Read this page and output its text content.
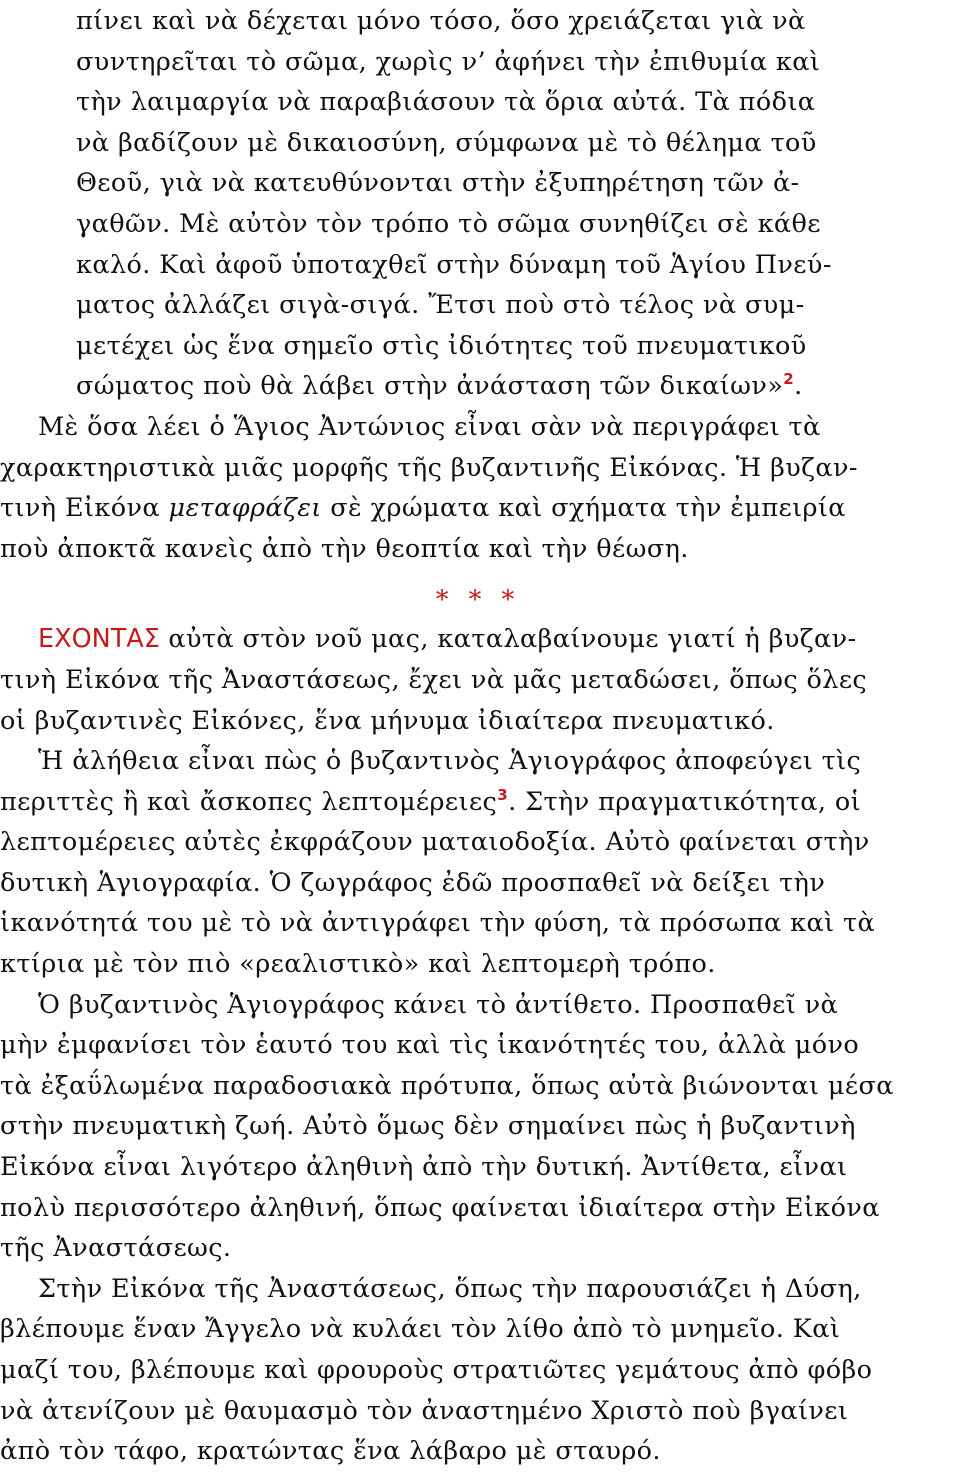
πίνει καὶ νὰ δέχεται μόνο τόσο, ὅσο χρειάζεται γιὰ νὰ
συντηρεῖται τὸ σῶμα, χωρὶς ν’ ἀφήνει τὴν ἐπιθυμία καὶ
τὴν λαιμαργία νὰ παραβιάσουν τὰ ὅρια αὐτά. Τὰ πόδια
νὰ βαδίζουν μὲ δικαιοσύνη, σύμφωνα μὲ τὸ θέλημα τοῦ
Θεοῦ, γιὰ νὰ κατευθύνονται στὴν ἐξυπηρέτηση τῶν ἀ-
γαθῶν. Μὲ αὐτὸν τὸν τρόπο τὸ σῶμα συνηθίζει σὲ κάθε
καλό. Καὶ ἀφοῦ ὑποταχθεῖ στὴν δύναμη τοῦ Ἁγίου Πνεύ-
ματος ἀλλάζει σιγὰ-σιγά. Ἔτσι ποὺ στὸ τέλος νὰ συμ-
μετέχει ὡς ἕνα σημεῖο στὶς ἰδιότητες τοῦ πνευματικοῦ
σώματος ποὺ θὰ λάβει στὴν ἀνάσταση τῶν δικαίων»$^2$.
Μὲ ὅσα λέει ὁ Ἅγιος Ἀντώνιος εἶναι σὰν νὰ περιγράφει τὰ
χαρακτηριστικὰ μιᾶς μορφῆς τῆς βυζαντινῆς Εἰκόνας. Ἡ βυζαν-
τινὴ Εἰκόνα μεταφράζει σὲ χρώματα καὶ σχήματα τὴν ἐμπειρία
ποὺ ἀποκτᾶ κανεὶς ἀπὸ τὴν θεοπτία καὶ τὴν θέωση.
* * *
ΕΧΟΝΤΑΣ αὐτὰ στὸν νοῦ μας, καταλαβαίνουμε γιατί ἡ βυζαν-
τινὴ Εἰκόνα τῆς Ἀναστάσεως, ἔχει νὰ μᾶς μεταδώσει, ὅπως ὅλες
οἱ βυζαντινὲς Εἰκόνες, ἕνα μήνυμα ἰδιαίτερα πνευματικό.
Ἡ ἀλήθεια εἶναι πὼς ὁ βυζαντινὸς Ἁγιογράφος ἀποφεύγει τὶς
περιττὲς ἢ καὶ ἄσκοπες λεπτομέρειες$^3$. Στὴν πραγματικότητα, οἱ
λεπτομέρειες αὐτὲς ἐκφράζουν ματαιοδοξία. Αὐτὸ φαίνεται στὴν
δυτικὴ Ἁγιογραφία. Ὁ ζωγράφος ἐδῶ προσπαθεῖ νὰ δείξει τὴν
ἱκανότητά του μὲ τὸ νὰ ἀντιγράφει τὴν φύση, τὰ πρόσωπα καὶ τὰ
κτίρια μὲ τὸν πιὸ «ρεαλιστικὸ» καὶ λεπτομερὴ τρόπο.
Ὁ βυζαντινὸς Ἁγιογράφος κάνει τὸ ἀντίθετο. Προσπαθεῖ νὰ
μὴν ἐμφανίσει τὸν ἑαυτό του καὶ τὶς ἱκανότητές του, ἀλλὰ μόνο
τὰ ἐξαΰλωμένα παραδοσιακὰ πρότυπα, ὅπως αὐτὰ βιώνονται μέσα
στὴν πνευματικὴ ζωή. Αὐτὸ ὅμως δὲν σημαίνει πὼς ἡ βυζαντινὴ
Εἰκόνα εἶναι λιγότερο ἀληθινὴ ἀπὸ τὴν δυτική. Ἀντίθετα, εἶναι
πολὺ περισσότερο ἀληθινή, ὅπως φαίνεται ἰδιαίτερα στὴν Εἰκόνα
τῆς Ἀναστάσεως.
Στὴν Εἰκόνα τῆς Ἀναστάσεως, ὅπως τὴν παρουσιάζει ἡ Δύση,
βλέπουμε ἕναν Ἄγγελο νὰ κυλάει τὸν λίθο ἀπὸ τὸ μνημεῖο. Καὶ
μαζί του, βλέπουμε καὶ φρουροὺς στρατιῶτες γεμάτους ἀπὸ φόβο
νὰ ἀτενίζουν μὲ θαυμασμὸ τὸν ἀναστημένο Χριστὸ ποὺ βγαίνει
ἀπὸ τὸν τάφο, κρατώντας ἕνα λάβαρο μὲ σταυρό.
